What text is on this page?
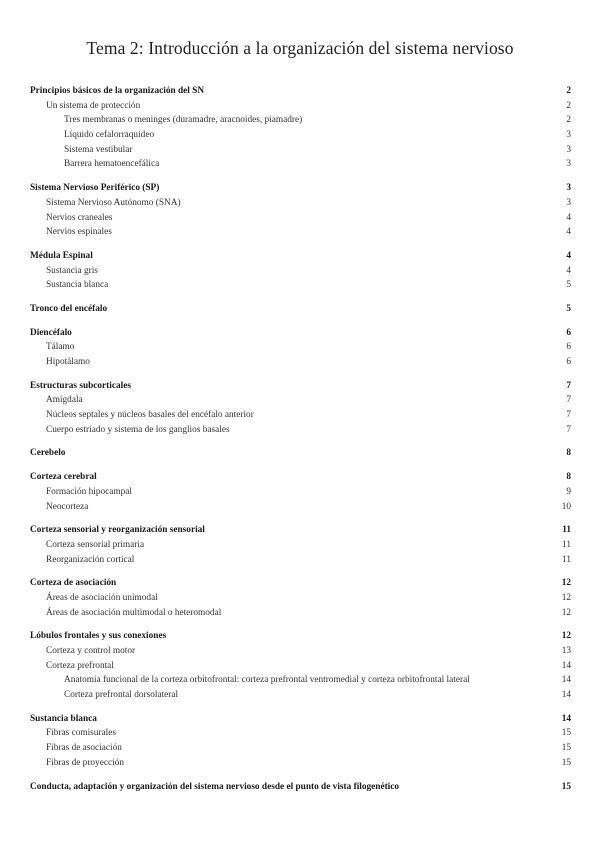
Tema 2: Introducción a la organización del sistema nervioso
Principios básicos de la organización del SN	2
Un sistema de protección	2
Tres membranas o meninges (duramadre, aracnoides, piamadre)	2
Líquido cefalorraquídeo	3
Sistema vestibular	3
Barrera hematoencefálica	3
Sistema Nervioso Periférico (SP)	3
Sistema Nervioso Autónomo (SNA)	3
Nervios craneales	4
Nervios espinales	4
Médula Espinal	4
Sustancia gris	4
Sustancia blanca	5
Tronco del encéfalo	5
Diencéfalo	6
Tálamo	6
Hipotálamo	6
Estructuras subcorticales	7
Amígdala	7
Núcleos septales y núcleos basales del encéfalo anterior	7
Cuerpo estriado y sistema de los ganglios basales	7
Cerebelo	8
Corteza cerebral	8
Formación hipocampal	9
Neocorteza	10
Corteza sensorial y reorganización sensorial	11
Corteza sensorial primaria	11
Reorganización cortical	11
Corteza de asociación	12
Áreas de asociación unimodal	12
Áreas de asociación multimodal o heteromodal	12
Lóbulos frontales y sus conexiones	12
Corteza y control motor	13
Corteza prefrontal	14
Anatomía funcional de la corteza orbitofrontal: corteza prefrontal ventromedial y corteza orbitofrontal lateral	14
Corteza prefrontal dorsolateral	14
Sustancia blanca	14
Fibras comisurales	15
Fibras de asociación	15
Fibras de proyección	15
Conducta, adaptación y organización del sistema nervioso desde el punto de vista filogenético	15
